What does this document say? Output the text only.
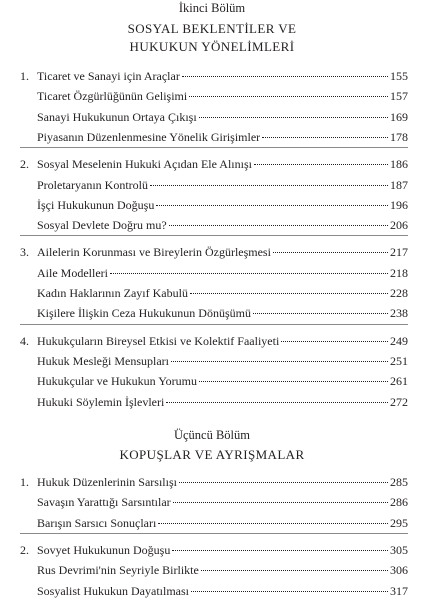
İkinci Bölüm
SOSYAL BEKLENTİLER VE
HUKUKUN YÖNELİMLERİ
1. Ticaret ve Sanayi için Araçlar	155
Ticaret Özgürlüğünün Gelişimi	157
Sanayi Hukukunun Ortaya Çıkışı	169
Piyasanın Düzenlenmesine Yönelik Girişimler	178
2. Sosyal Meselenin Hukuki Açıdan Ele Alınışı	186
Proletaryanın Kontrolü	187
İşçi Hukukunun Doğuşu	196
Sosyal Devlete Doğru mu?	206
3. Ailelerin Korunması ve Bireylerin Özgürleşmesi	217
Aile Modelleri	218
Kadın Haklarının Zayıf Kabulü	228
Kişilere İlişkin Ceza Hukukunun Dönüşümü	238
4. Hukukçuların Bireysel Etkisi ve Kolektif Faaliyeti	249
Hukuk Mesleği Mensupları	251
Hukukçular ve Hukukun Yorumu	261
Hukuki Söylemin İşlevleri	272
Üçüncü Bölüm
KOPUŞLAR VE AYRIŞMALAR
1. Hukuk Düzenlerinin Sarsılışı	285
Savaşın Yarattığı Sarsıntılar	286
Barışın Sarsıcı Sonuçları	295
2. Sovyet Hukukunun Doğuşu	305
Rus Devrimi'nin Seyriyle Birlikte	306
Sosyalist Hukukun Dayatılması	317
